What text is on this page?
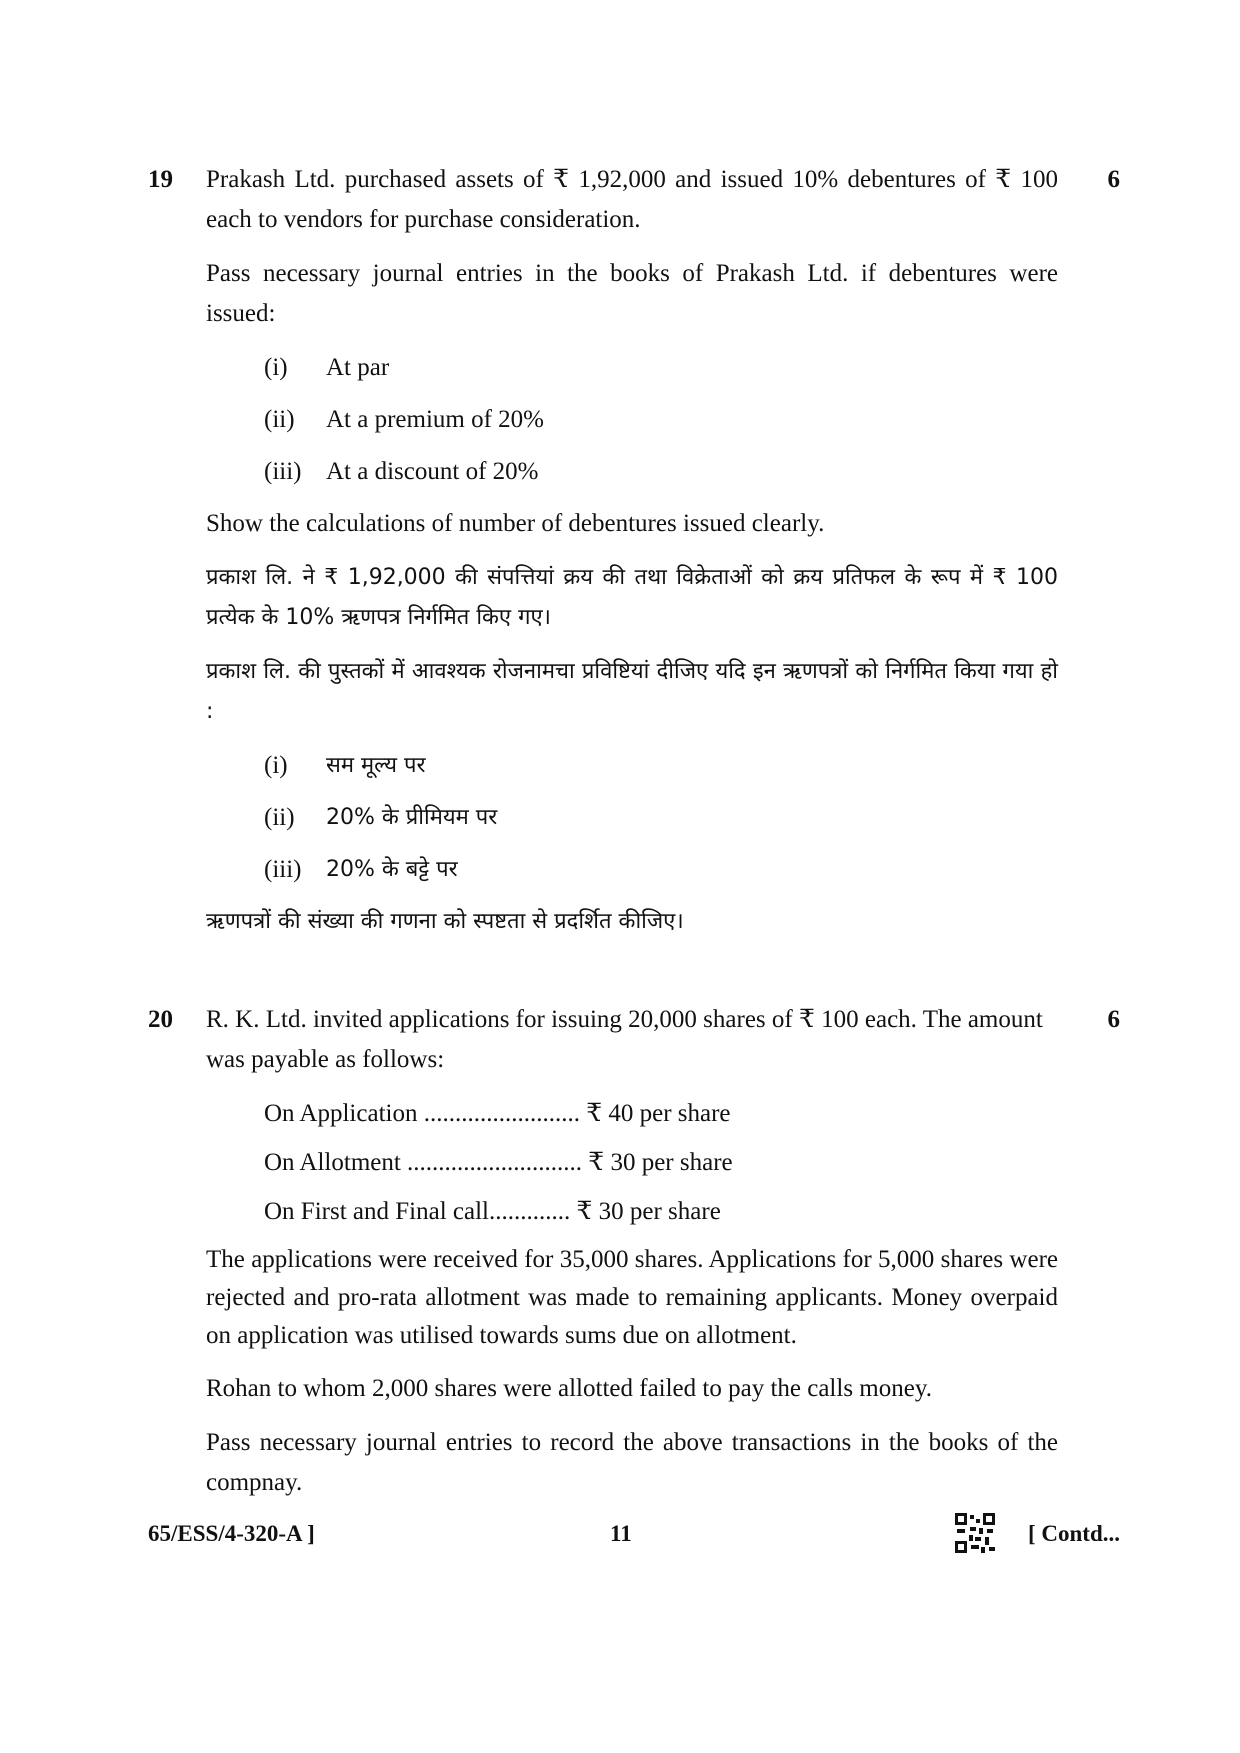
19	6

Prakash Ltd. purchased assets of ₹ 1,92,000 and issued 10% debentures of ₹ 100 each to vendors for purchase consideration.

Pass necessary journal entries in the books of Prakash Ltd. if debentures were issued:

(i)	At par
(ii)	At a premium of 20%
(iii) At a discount of 20%

Show the calculations of number of debentures issued clearly.

प्रकाश लि. ने ₹ 1,92,000 की संपत्तियां क्रय की तथा विक्रेताओं को क्रय प्रतिफल के रूप में ₹ 100 प्रत्येक के 10% ऋणपत्र निर्गमित किए गए।

प्रकाश लि. की पुस्तकों में आवश्यक रोजनामचा प्रविष्टियां दीजिए यदि इन ऋणपत्रों को निर्गमित किया गया हो :

(i)	सम मूल्य पर
(ii)	20% के प्रीमियम पर
(iii)	20% के बट्टे पर

ऋणपत्रों की संख्या की गणना को स्पष्टता से प्रदर्शित कीजिए।

20	6

R. K. Ltd. invited applications for issuing 20,000 shares of ₹ 100 each. The amount was payable as follows:

On Application ......................... ₹ 40 per share
On Allotment ............................ ₹ 30 per share
On First and Final call............. ₹ 30 per share

The applications were received for 35,000 shares. Applications for 5,000 shares were rejected and pro-rata allotment was made to remaining applicants. Money overpaid on application was utilised towards sums due on allotment.

Rohan to whom 2,000 shares were allotted failed to pay the calls money.

Pass necessary journal entries to record the above transactions in the books of the compnay.

65/ESS/4-320-A ]	11	[ Contd...
